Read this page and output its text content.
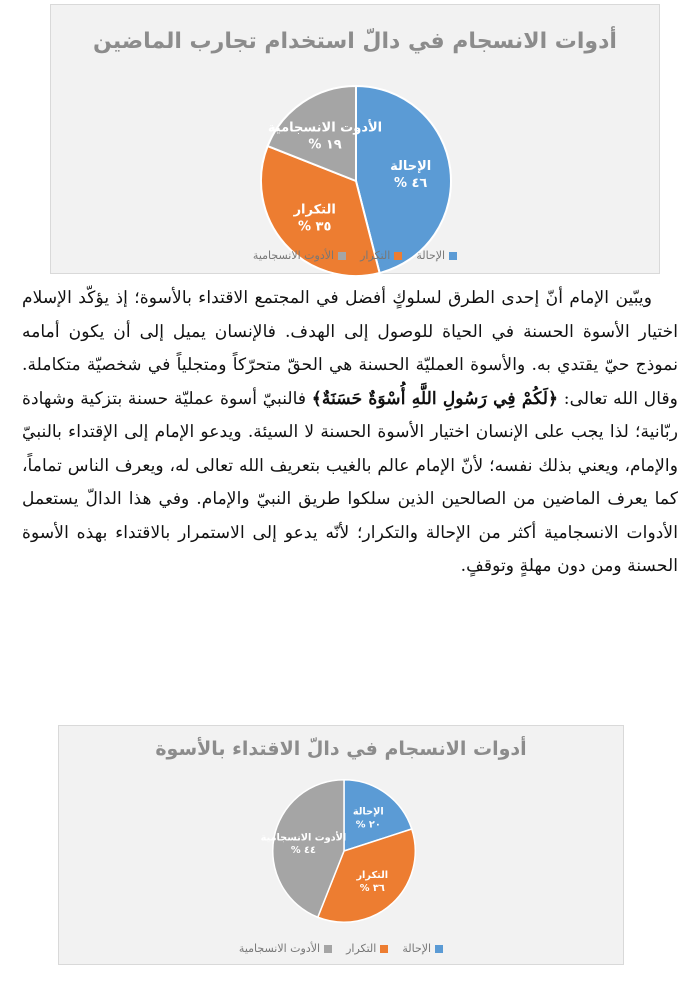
أدوات الانسجام في دالّ استخدام تجارب الماضين
الإحالة ٤٦ %
التكرار ٣٥ %
الأدوت الانسجامية ١٩ %
الإحالة
التكرار
الأدوت الانسجامية

ويبّين الإمام أنّ إحدى الطرق لسلوكٍ أفضل في المجتمع الاقتداء بالأسوة؛ إذ يؤكّد الإسلام اختيار الأسوة الحسنة في الحياة للوصول إلى الهدف. فالإنسان يميل إلى أن يكون أمامه نموذج حيّ يقتدي به. والأسوة العمليّة الحسنة هي الحقّ متحرّكاً ومتجلياً في شخصيّة متكاملة. وقال الله تعالى: ﴿لَكُمْ فِي رَسُولِ اللَّهِ أُسْوَةٌ حَسَنَةٌ﴾ فالنبيّ أسوة عمليّة حسنة بتزكية وشهادة ربّانية؛ لذا يجب على الإنسان اختيار الأسوة الحسنة لا السيئة. ويدعو الإمام إلى الإقتداء بالنبيّ والإمام، ويعني بذلك نفسه؛ لأنّ الإمام عالم بالغيب بتعريف الله تعالى له، ويعرف الناس تماماً، كما يعرف الماضين من الصالحين الذين سلكوا طريق النبيّ والإمام. وفي هذا الدالّ يستعمل الأدوات الانسجامية أكثر من الإحالة والتكرار؛ لأنّه يدعو إلى الاستمرار بالاقتداء بهذه الأسوة الحسنة ومن دون مهلةٍ وتوقفٍ.

أدوات الانسجام في دالّ الاقتداء بالأسوة
الإحالة ٢٠ %
التكرار ٣٦ %
الأدوت الانسجامية ٤٤ %
الإحالة
التكرار
الأدوت الانسجامية
